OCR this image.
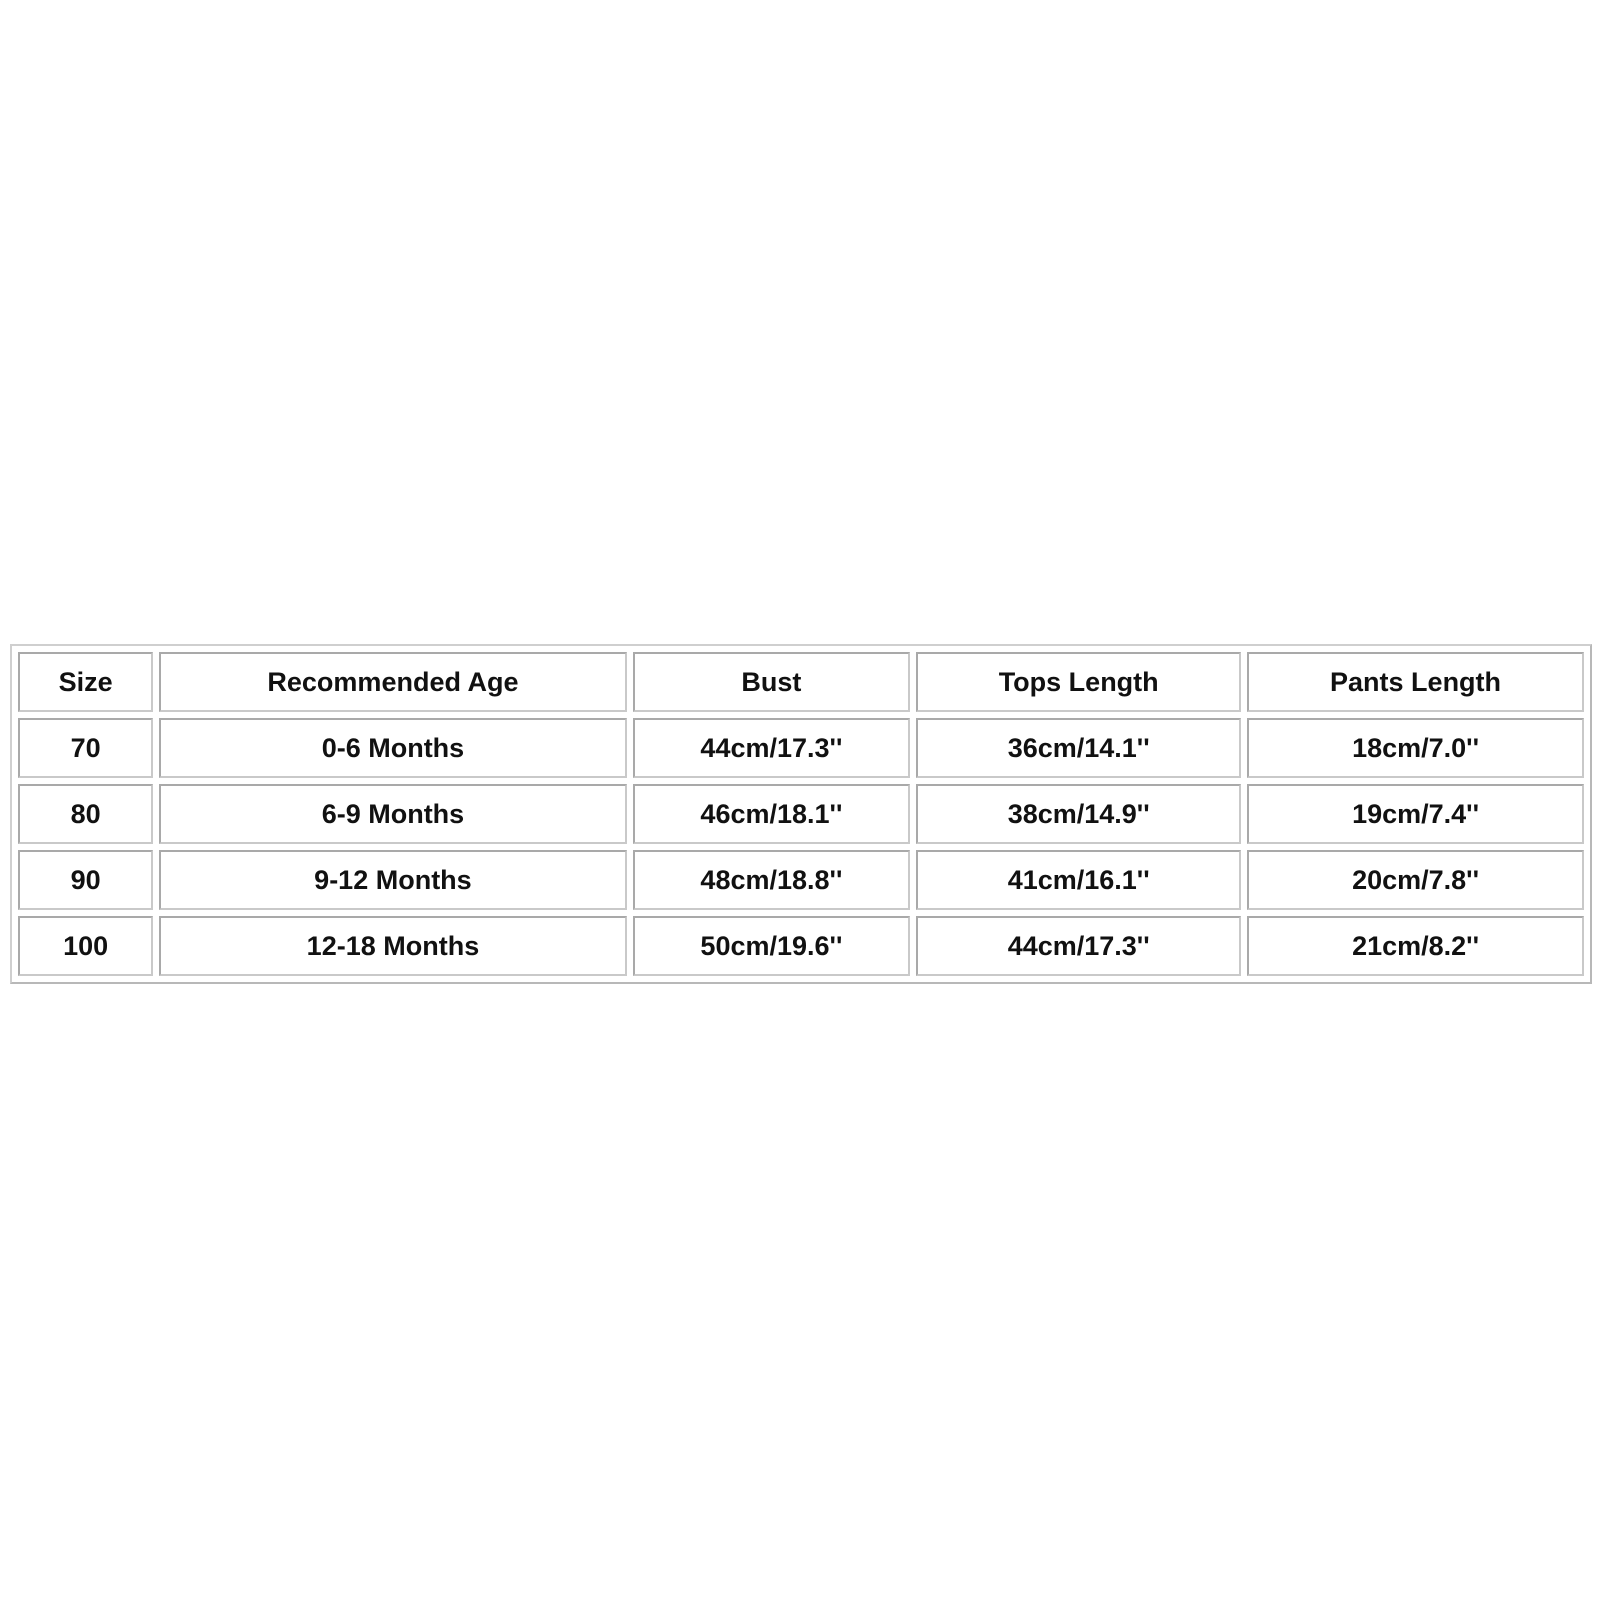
Size	Recommended Age	Bust	Tops Length	Pants Length
70	0-6 Months	44cm/17.3''	36cm/14.1''	18cm/7.0''
80	6-9 Months	46cm/18.1''	38cm/14.9''	19cm/7.4''
90	9-12 Months	48cm/18.8''	41cm/16.1''	20cm/7.8''
100	12-18 Months	50cm/19.6''	44cm/17.3''	21cm/8.2''
